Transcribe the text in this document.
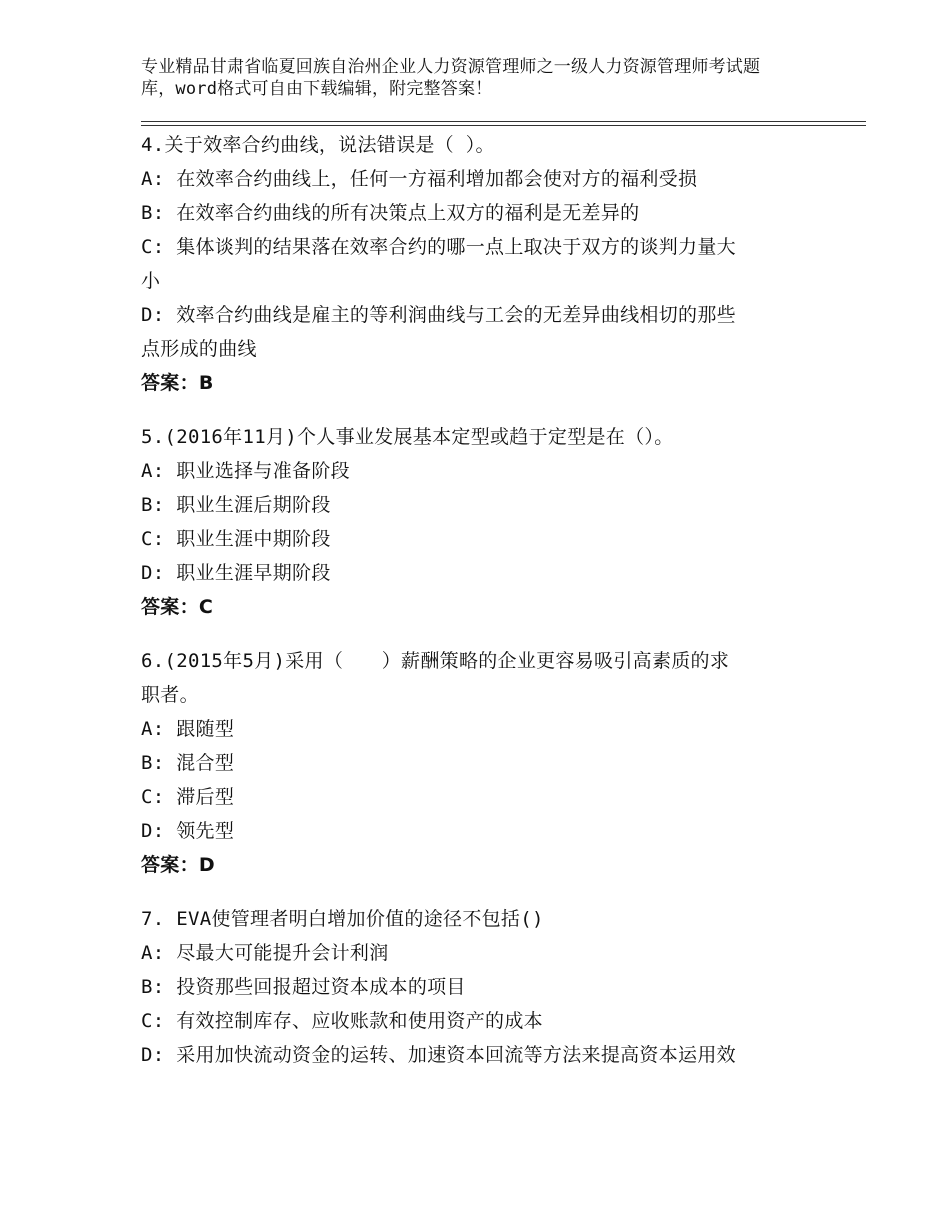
专业精品甘肃省临夏回族自治州企业人力资源管理师之一级人力资源管理师考试题
库，word格式可自由下载编辑，附完整答案！
4.关于效率合约曲线，说法错误是（ ）。
A: 在效率合约曲线上，任何一方福利增加都会使对方的福利受损
B: 在效率合约曲线的所有决策点上双方的福利是无差异的
C: 集体谈判的结果落在效率合约的哪一点上取决于双方的谈判力量大
小
D: 效率合约曲线是雇主的等利润曲线与工会的无差异曲线相切的那些
点形成的曲线
答案：B
5.(2016年11月)个人事业发展基本定型或趋于定型是在（）。
A: 职业选择与准备阶段
B: 职业生涯后期阶段
C: 职业生涯中期阶段
D: 职业生涯早期阶段
答案：C
6.(2015年5月)采用（　　）薪酬策略的企业更容易吸引高素质的求
职者。
A: 跟随型
B: 混合型
C: 滞后型
D: 领先型
答案：D
7. EVA使管理者明白增加价值的途径不包括()
A: 尽最大可能提升会计利润
B: 投资那些回报超过资本成本的项目
C: 有效控制库存、应收账款和使用资产的成本
D: 采用加快流动资金的运转、加速资本回流等方法来提高资本运用效
